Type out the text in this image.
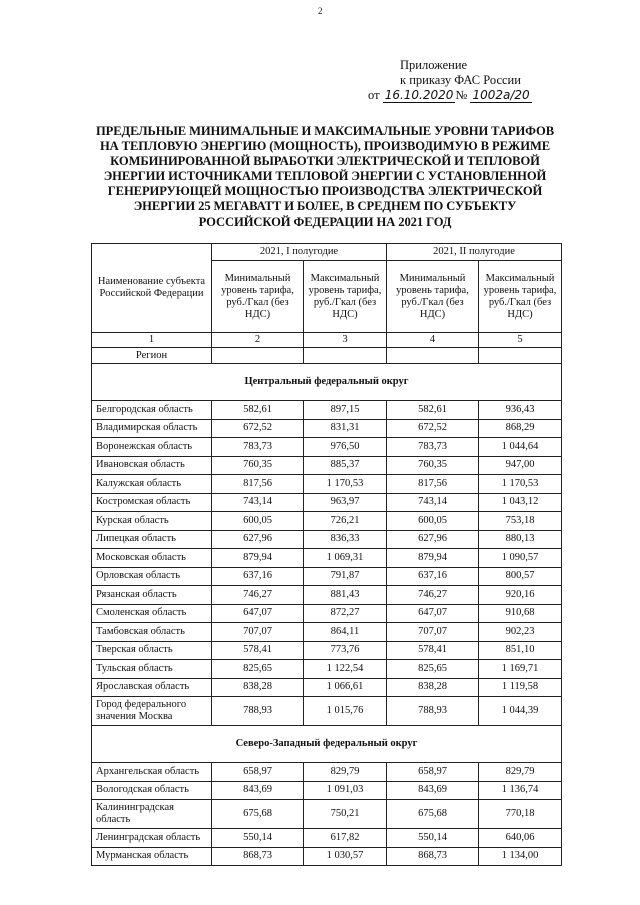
2
Приложение
к приказу ФАС России
от 16.10.2020 № 1002а/20
ПРЕДЕЛЬНЫЕ МИНИМАЛЬНЫЕ И МАКСИМАЛЬНЫЕ УРОВНИ ТАРИФОВ
НА ТЕПЛОВУЮ ЭНЕРГИЮ (МОЩНОСТЬ), ПРОИЗВОДИМУЮ В РЕЖИМЕ
КОМБИНИРОВАННОЙ ВЫРАБОТКИ ЭЛЕКТРИЧЕСКОЙ И ТЕПЛОВОЙ
ЭНЕРГИИ ИСТОЧНИКАМИ ТЕПЛОВОЙ ЭНЕРГИИ С УСТАНОВЛЕННОЙ
ГЕНЕРИРУЮЩЕЙ МОЩНОСТЬЮ ПРОИЗВОДСТВА ЭЛЕКТРИЧЕСКОЙ
ЭНЕРГИИ 25 МЕГАВАТТ И БОЛЕЕ, В СРЕДНЕМ ПО СУБЪЕКТУ
РОССИЙСКОЙ ФЕДЕРАЦИИ НА 2021 ГОД
Наименование субъекта Российской Федерации	2021, I полугодие		2021, II полугодие	
	Минимальный уровень тарифа, руб./Гкал (без НДС)	Максимальный уровень тарифа, руб./Гкал (без НДС)	Минимальный уровень тарифа, руб./Гкал (без НДС)	Максимальный уровень тарифа, руб./Гкал (без НДС)
1	2	3	4	5
Регион				
Центральный федеральный округ				
Белгородская область	582,61	897,15	582,61	936,43
Владимирская область	672,52	831,31	672,52	868,29
Воронежская область	783,73	976,50	783,73	1 044,64
Ивановская область	760,35	885,37	760,35	947,00
Калужская область	817,56	1 170,53	817,56	1 170,53
Костромская область	743,14	963,97	743,14	1 043,12
Курская область	600,05	726,21	600,05	753,18
Липецкая область	627,96	836,33	627,96	880,13
Московская область	879,94	1 069,31	879,94	1 090,57
Орловская область	637,16	791,87	637,16	800,57
Рязанская область	746,27	881,43	746,27	920,16
Смоленская область	647,07	872,27	647,07	910,68
Тамбовская область	707,07	864,11	707,07	902,23
Тверская область	578,41	773,76	578,41	851,10
Тульская область	825,65	1 122,54	825,65	1 169,71
Ярославская область	838,28	1 066,61	838,28	1 119,58
Город федерального значения Москва	788,93	1 015,76	788,93	1 044,39
Северо-Западный федеральный округ				
Архангельская область	658,97	829,79	658,97	829,79
Вологодская область	843,69	1 091,03	843,69	1 136,74
Калининградская область	675,68	750,21	675,68	770,18
Ленинградская область	550,14	617,82	550,14	640,06
Мурманская область	868,73	1 030,57	868,73	1 134,00
